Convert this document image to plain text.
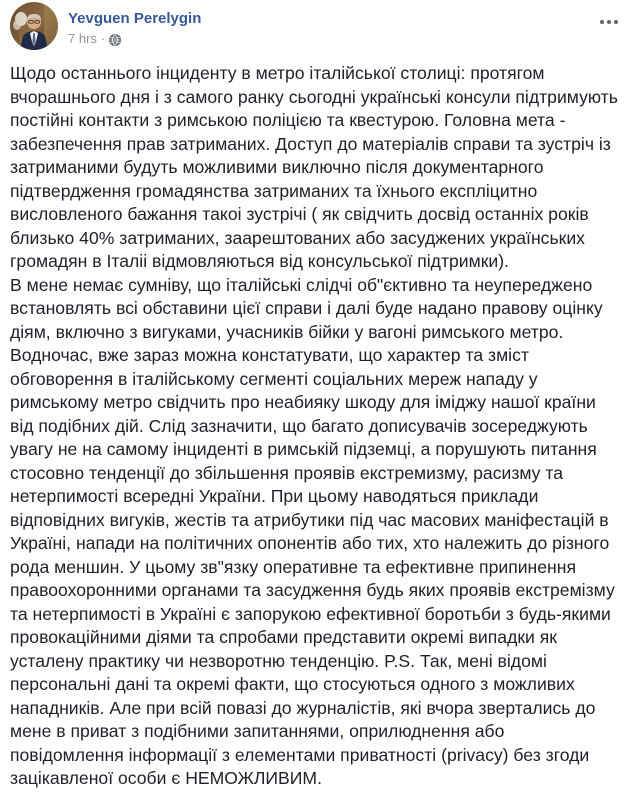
Yevguen Perelygin
7 hrs ·

Щодо останнього інциденту в метро італійської столиці: протягом вчорашнього дня і з самого ранку сьогодні українські консули підтримують постійні контакти з римською поліцією та квестурою. Головна мета - забезпечення прав затриманих. Доступ до матеріалів справи та зустріч із затриманими будуть можливими виключно після документарного підтвердження громадянства затриманих та їхнього експліцитно висловленого бажання такоі зустрічі ( як свідчить досвід останніх років близько 40% затриманих, заарештованих або засуджених українських громадян в Італіі відмовляються від консульської підтримки).

В мене немає сумніву, що італійські слідчі об"єктивно та неупереджено встановлять всі обставини цієї справи і далі буде надано правову оцінку діям, включно з вигуками, учасників бійки у вагоні римського метро.

Водночас, вже зараз можна констатувати, що характер та зміст обговорення в італійському сегменті соціальних мереж нападу у римському метро свідчить про неабияку шкоду для іміджу нашої країни від подібних дій. Слід зазначити, що багато дописувачів зосереджують увагу не на самому інциденті в римській підземці, а порушують питання стосовно тенденції до збільшення проявів екстремизму, расизму та нетерпимості всередні України. При цьому наводяться приклади відповідних вигуків, жестів та атрибутики під час масових маніфестацій в Україні, напади на політичних опонентів або тих, хто належить до різного рода меншин. У цьому зв"язку оперативне та ефективне припинення правоохоронними органами та засудження будь яких проявів екстремізму та нетерпимості в Україні є запорукою ефективної боротьби з будь-якими провокаційними діями та спробами представити окремі випадки як усталену практику чи незворотню тенденцію. P.S. Так, мені відомі персональні дані та окремі факти, що стосуються одного з можливих нападників. Але при всій повазі до журналістів, які вчора звертались до мене в приват з подібними запитаннями, оприлюднення або повідомлення інформації з елементами приватності (privacy) без згоди зацікавленої особи є НЕМОЖЛИВИМ.
